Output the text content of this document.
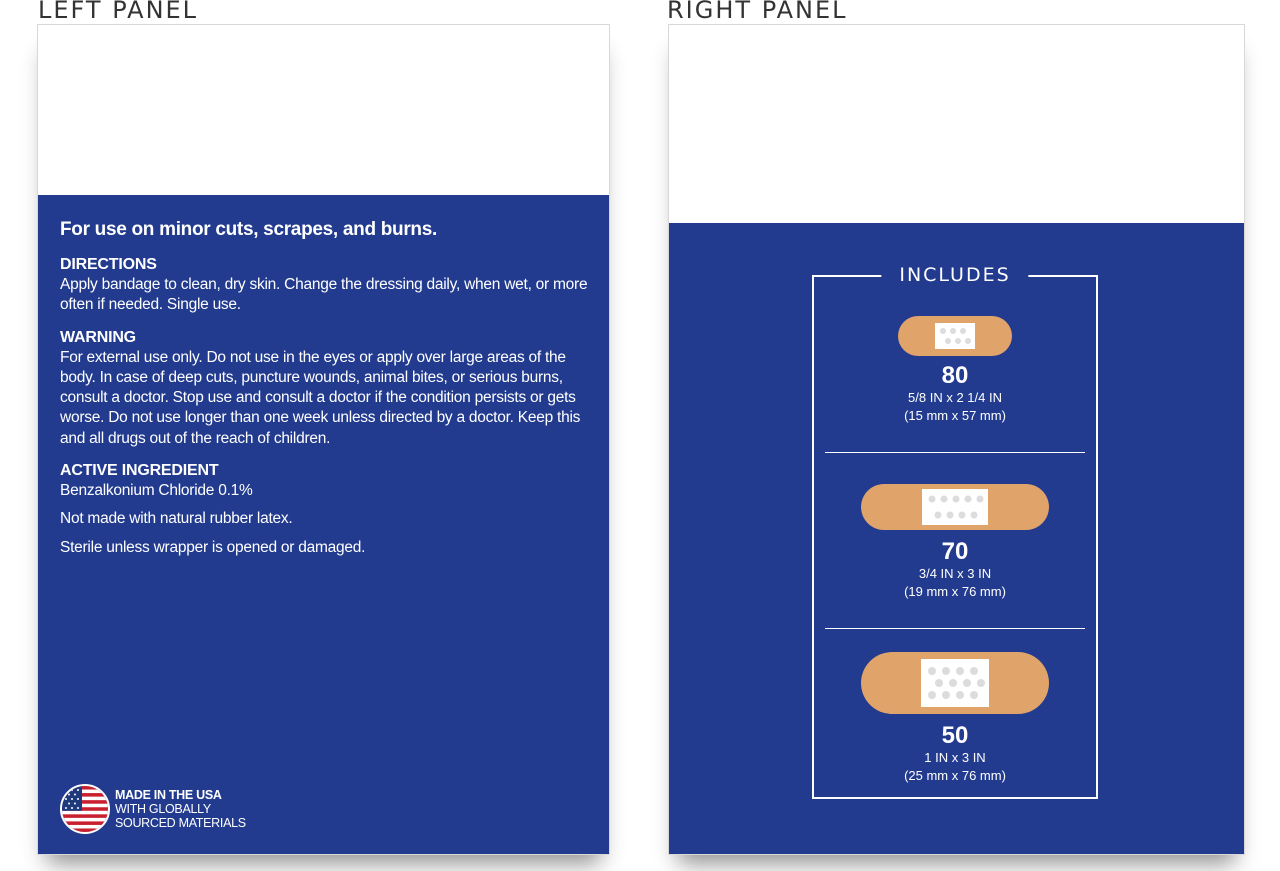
LEFT PANEL	RIGHT PANEL

For use on minor cuts, scrapes, and burns.

DIRECTIONS

Apply bandage to clean, dry skin. Change the dressing daily, when wet, or more often if needed. Single use.

WARNING

For external use only. Do not use in the eyes or apply over large areas of the body. In case of deep cuts, puncture wounds, animal bites, or serious burns, consult a doctor. Stop use and consult a doctor if the condition persists or gets worse. Do not use longer than one week unless directed by a doctor. Keep this and all drugs out of the reach of children.

ACTIVE INGREDIENT

Benzalkonium Chloride 0.1%

Not made with natural rubber latex.

Sterile unless wrapper is opened or damaged.

MADE IN THE USA
WITH GLOBALLY
SOURCED MATERIALS
INCLUDES
80
5/8 IN x 2 1/4 IN
(15 mm x 57 mm)
70
3/4 IN x 3 IN
(19 mm x 76 mm)
50
1 IN x 3 IN
(25 mm x 76 mm)
